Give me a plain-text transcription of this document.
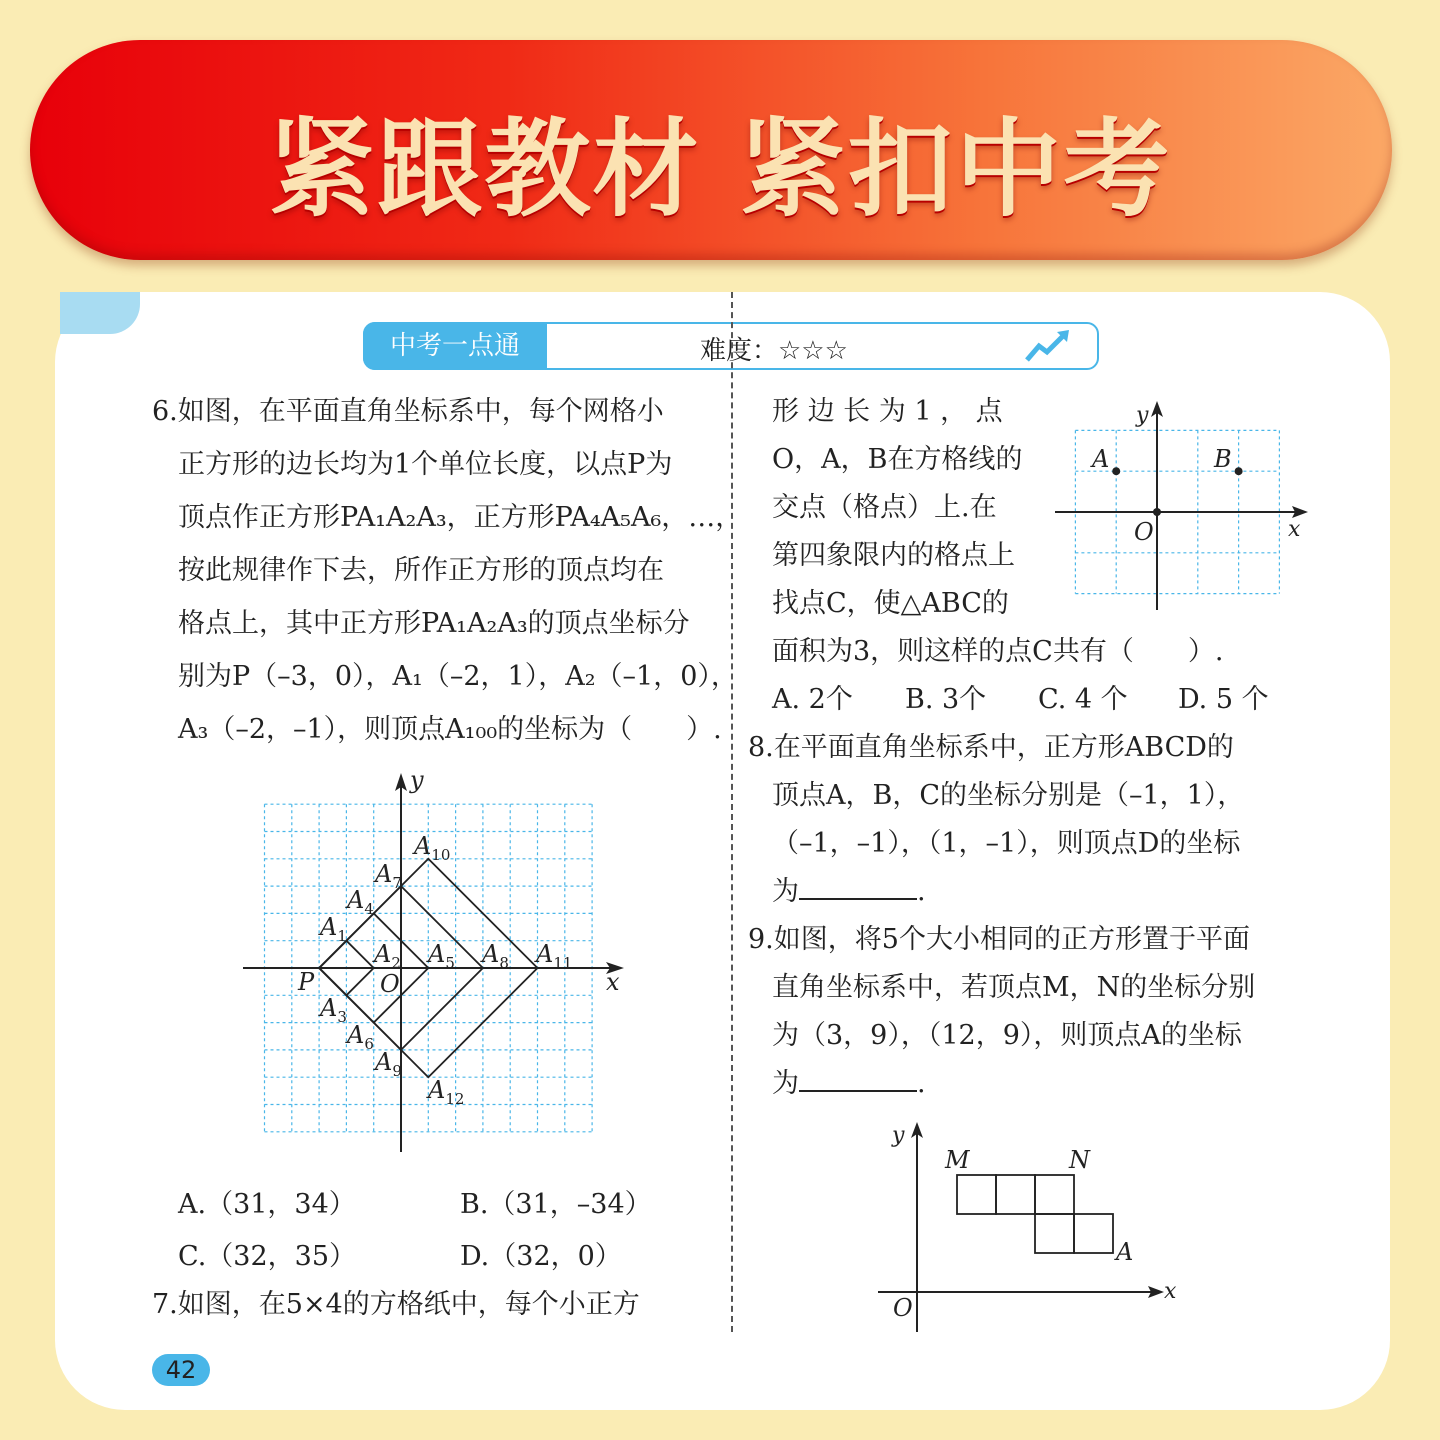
紧跟教材 紧扣中考
中考一点通	难度：☆☆☆
6.如图，在平面直角坐标系中，每个网格小
正方形的边长均为1个单位长度，以点P为
顶点作正方形PA₁A₂A₃，正方形PA₄A₅A₆，…，
按此规律作下去，所作正方形的顶点均在
格点上，其中正方形PA₁A₂A₃的顶点坐标分
别为P（–3，0），A₁（–2，1），A₂（–1，0），
A₃（–2，–1），则顶点A₁₀₀的坐标为（　　）.
y
x
O
P
$A_1$
$A_2$
$A_3$
$A_4$
$A_5$
$A_6$
$A_7$
$A_8$
$A_9$
$A_{10}$
$A_{11}$
$A_{12}$
A.（31，34）	B.（31，–34）
C.（32，35）	D.（32，0）
7.如图，在5×4的方格纸中，每个小正方
形 边 长 为 1 ， 点
O，A，B在方格线的
交点（格点）上.在
第四象限内的格点上
找点C，使△ABC的
面积为3，则这样的点C共有（　　）.
A. 2个 B. 3个 C. 4 个 D. 5 个
y
x
O
A	B
8.在平面直角坐标系中，正方形ABCD的
顶点A，B，C的坐标分别是（–1，1），
（–1，–1），（1，–1），则顶点D的坐标
为	.
9.如图，将5个大小相同的正方形置于平面
直角坐标系中，若顶点M，N的坐标分别
为（3，9），（12，9），则顶点A的坐标
为	.
y
x
O
M	N
A
42
